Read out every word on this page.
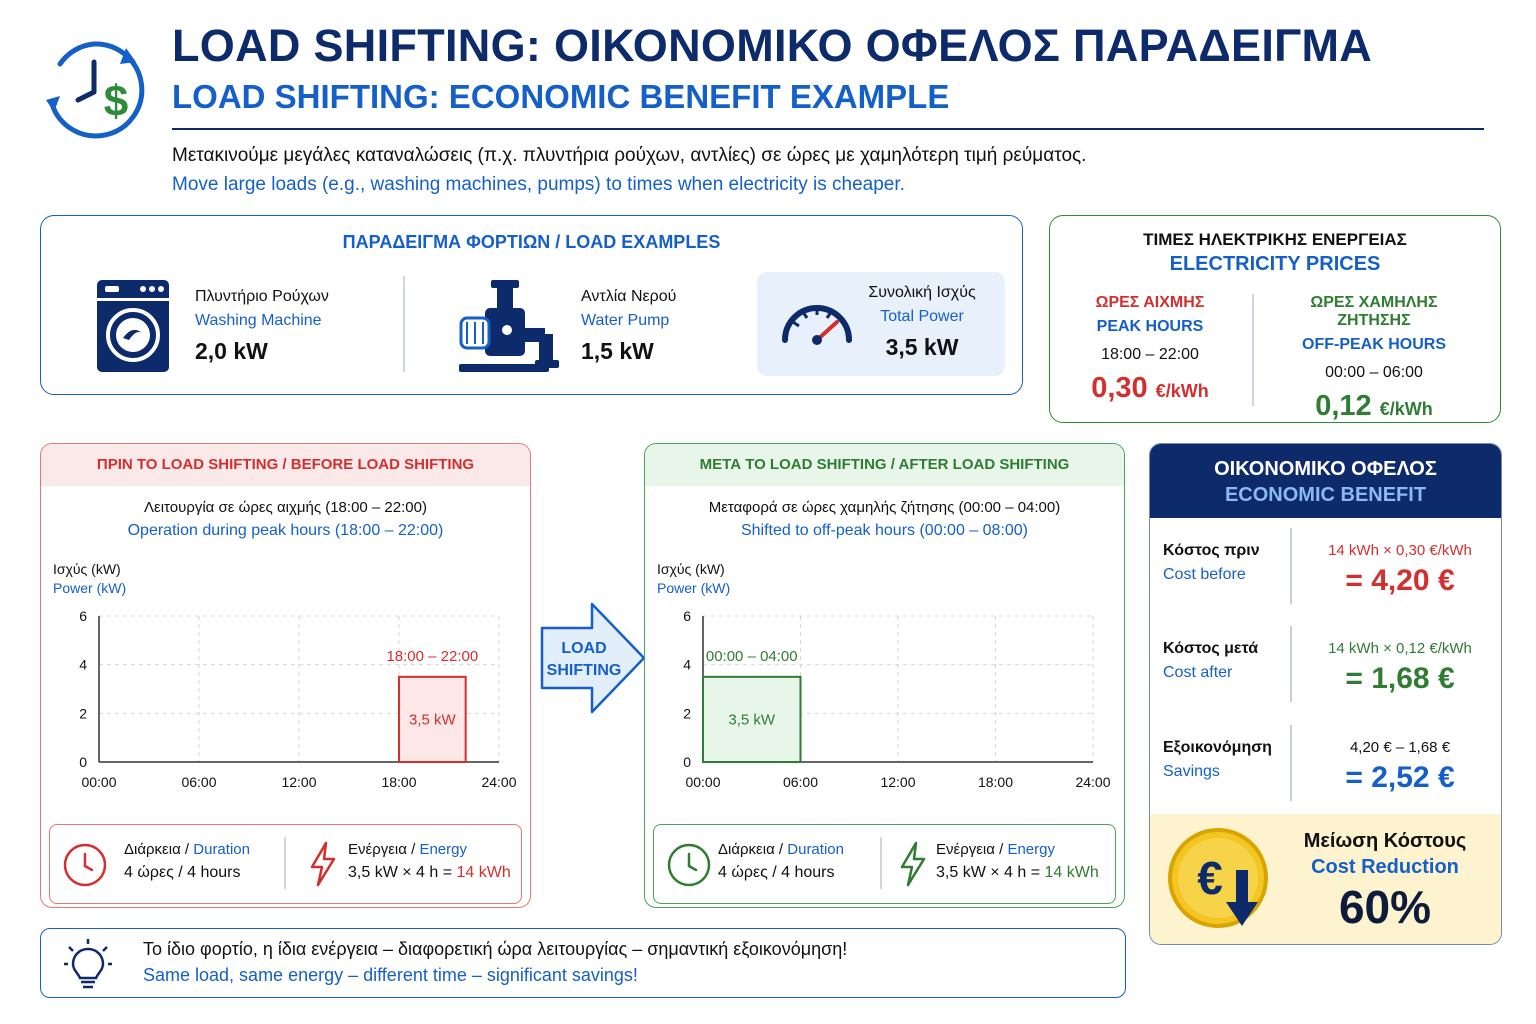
$
LOAD SHIFTING: ΟΙΚΟΝΟΜΙΚΟ ΟΦΕΛΟΣ ΠΑΡΑΔΕΙΓΜΑ
LOAD SHIFTING: ECONOMIC BENEFIT EXAMPLE
Μετακινούμε μεγάλες καταναλώσεις (π.χ. πλυντήρια ρούχων, αντλίες) σε ώρες με χαμηλότερη τιμή ρεύματος.
Move large loads (e.g., washing machines, pumps) to times when electricity is cheaper.
ΠΑΡΑΔΕΙΓΜΑ ΦΟΡΤΙΩΝ / LOAD EXAMPLES
Πλυντήριο Ρούχων
Washing Machine
2,0 kW
Αντλία Νερού
Water Pump
1,5 kW
Συνολική Ισχύς
Total Power
3,5 kW
ΤΙΜΕΣ ΗΛΕΚΤΡΙΚΗΣ ΕΝΕΡΓΕΙΑΣ
ELECTRICITY PRICES
ΩΡΕΣ ΑΙΧΜΗΣ
PEAK HOURS
18:00 – 22:00
0,30 €/kWh
ΩΡΕΣ ΧΑΜΗΛΗΣ ΖΗΤΗΣΗΣ
OFF-PEAK HOURS
00:00 – 06:00
0,12 €/kWh
ΠΡΙΝ ΤΟ LOAD SHIFTING / BEFORE LOAD SHIFTING
Λειτουργία σε ώρες αιχμής (18:00 – 22:00)
Operation during peak hours (18:00 – 22:00)
Ισχύς (kW)
Power (kW)
0
2
4
6
00:00	06:00	12:00	18:00	24:00
3,5 kW
18:00 – 22:00
Διάρκεια / Duration
4 ώρες / 4 hours
Ενέργεια / Energy
3,5 kW × 4 h = 14 kWh
LOAD
SHIFTING
ΜΕΤΑ ΤΟ LOAD SHIFTING / AFTER LOAD SHIFTING
Μεταφορά σε ώρες χαμηλής ζήτησης (00:00 – 04:00)
Shifted to off-peak hours (00:00 – 08:00)
Ισχύς (kW)
Power (kW)
0
2
4
6
00:00	06:00	12:00	18:00	24:00
3,5 kW
00:00 – 04:00
Διάρκεια / Duration
4 ώρες / 4 hours
Ενέργεια / Energy
3,5 kW × 4 h = 14 kWh
ΟΙΚΟΝΟΜΙΚΟ ΟΦΕΛΟΣ
ECONOMIC BENEFIT
Κόστος πριν
Cost before
14 kWh × 0,30 €/kWh
= 4,20 €
Κόστος μετά
Cost after
14 kWh × 0,12 €/kWh
= 1,68 €
Εξοικονόμηση
Savings
4,20 € – 1,68 €
= 2,52 €
€
Μείωση Κόστους
Cost Reduction
60%
Το ίδιο φορτίο, η ίδια ενέργεια – διαφορετική ώρα λειτουργίας – σημαντική εξοικονόμηση!
Same load, same energy – different time – significant savings!
